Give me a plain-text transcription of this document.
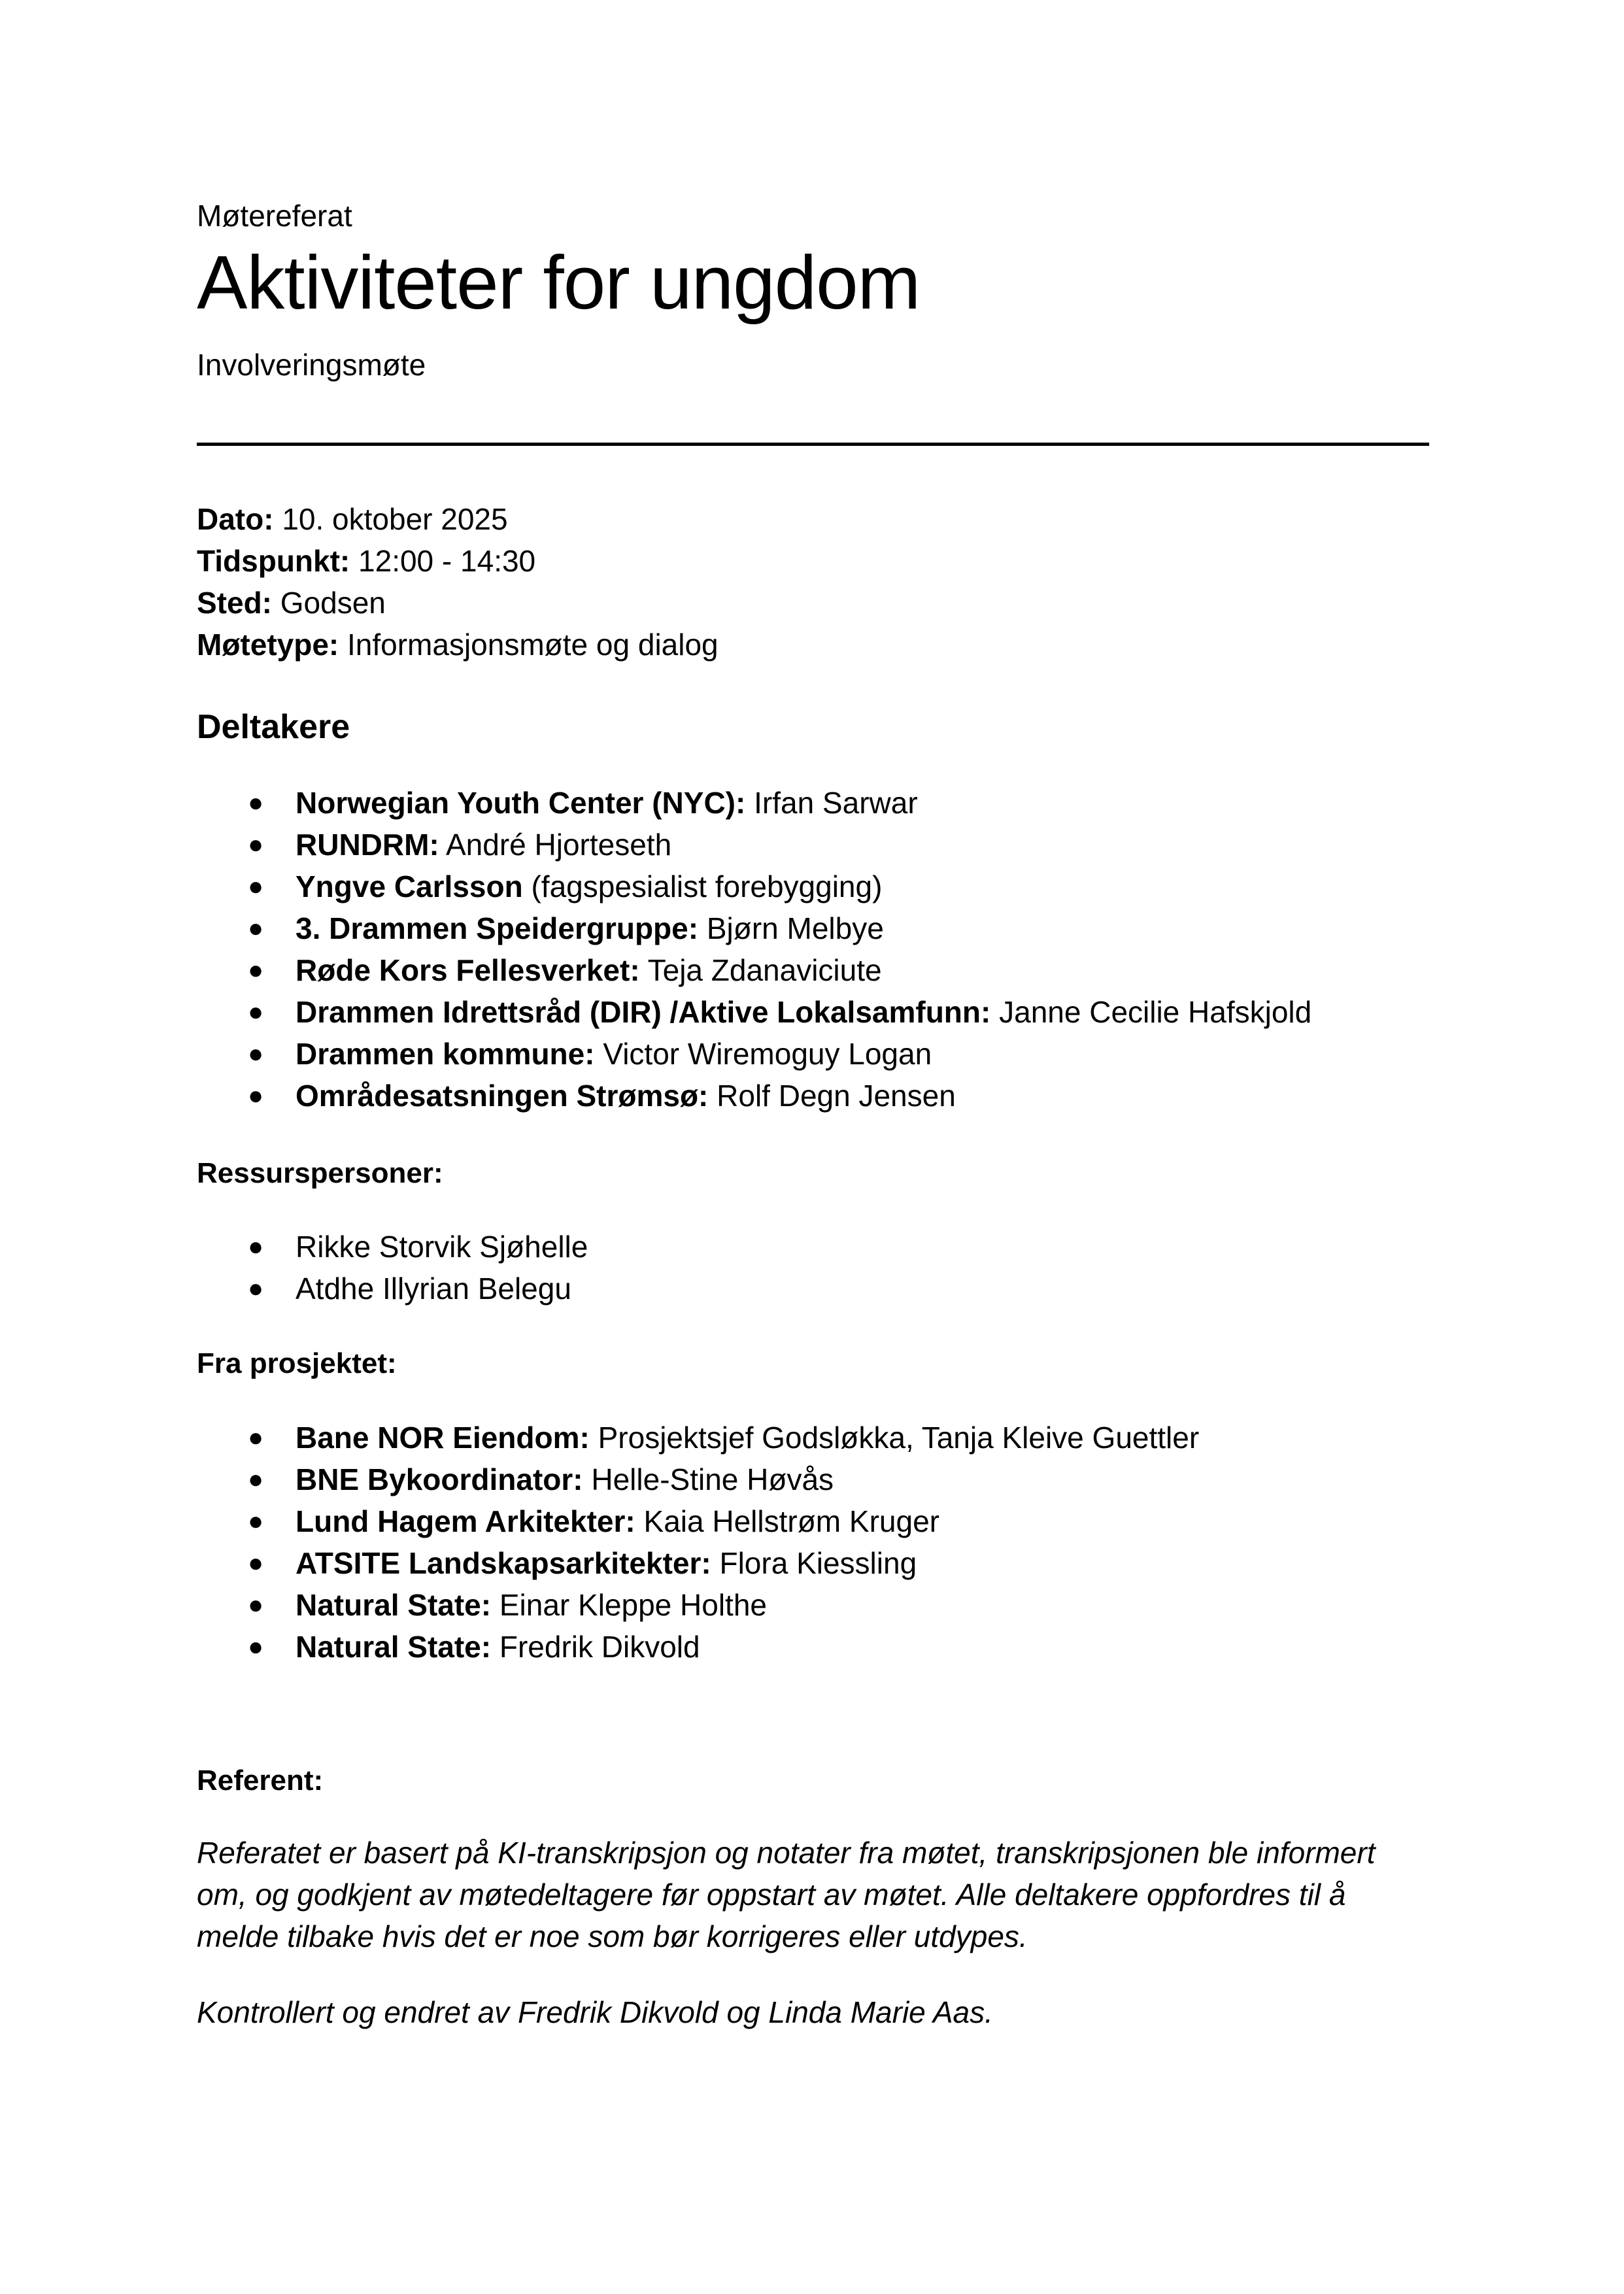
Møtereferat
Aktiviteter for ungdom
Involveringsmøte
Dato: 10. oktober 2025
Tidspunkt: 12:00 - 14:30
Sted: Godsen
Møtetype: Informasjonsmøte og dialog
Deltakere
● Norwegian Youth Center (NYC): Irfan Sarwar
● RUNDRM: André Hjorteseth
● Yngve Carlsson (fagspesialist forebygging)
● 3. Drammen Speidergruppe: Bjørn Melbye
● Røde Kors Fellesverket: Teja Zdanaviciute
● Drammen Idrettsråd (DIR) /Aktive Lokalsamfunn: Janne Cecilie Hafskjold
● Drammen kommune: Victor Wiremoguy Logan
● Områdesatsningen Strømsø: Rolf Degn Jensen
Ressurspersoner:
● Rikke Storvik Sjøhelle
● Atdhe Illyrian Belegu
Fra prosjektet:
● Bane NOR Eiendom: Prosjektsjef Godsløkka, Tanja Kleive Guettler
● BNE Bykoordinator: Helle-Stine Høvås
● Lund Hagem Arkitekter: Kaia Hellstrøm Kruger
● ATSITE Landskapsarkitekter: Flora Kiessling
● Natural State: Einar Kleppe Holthe
● Natural State: Fredrik Dikvold
Referent:
Referatet er basert på KI-transkripsjon og notater fra møtet, transkripsjonen ble informert om, og godkjent av møtedeltagere før oppstart av møtet. Alle deltakere oppfordres til å melde tilbake hvis det er noe som bør korrigeres eller utdypes.
Kontrollert og endret av Fredrik Dikvold og Linda Marie Aas.
